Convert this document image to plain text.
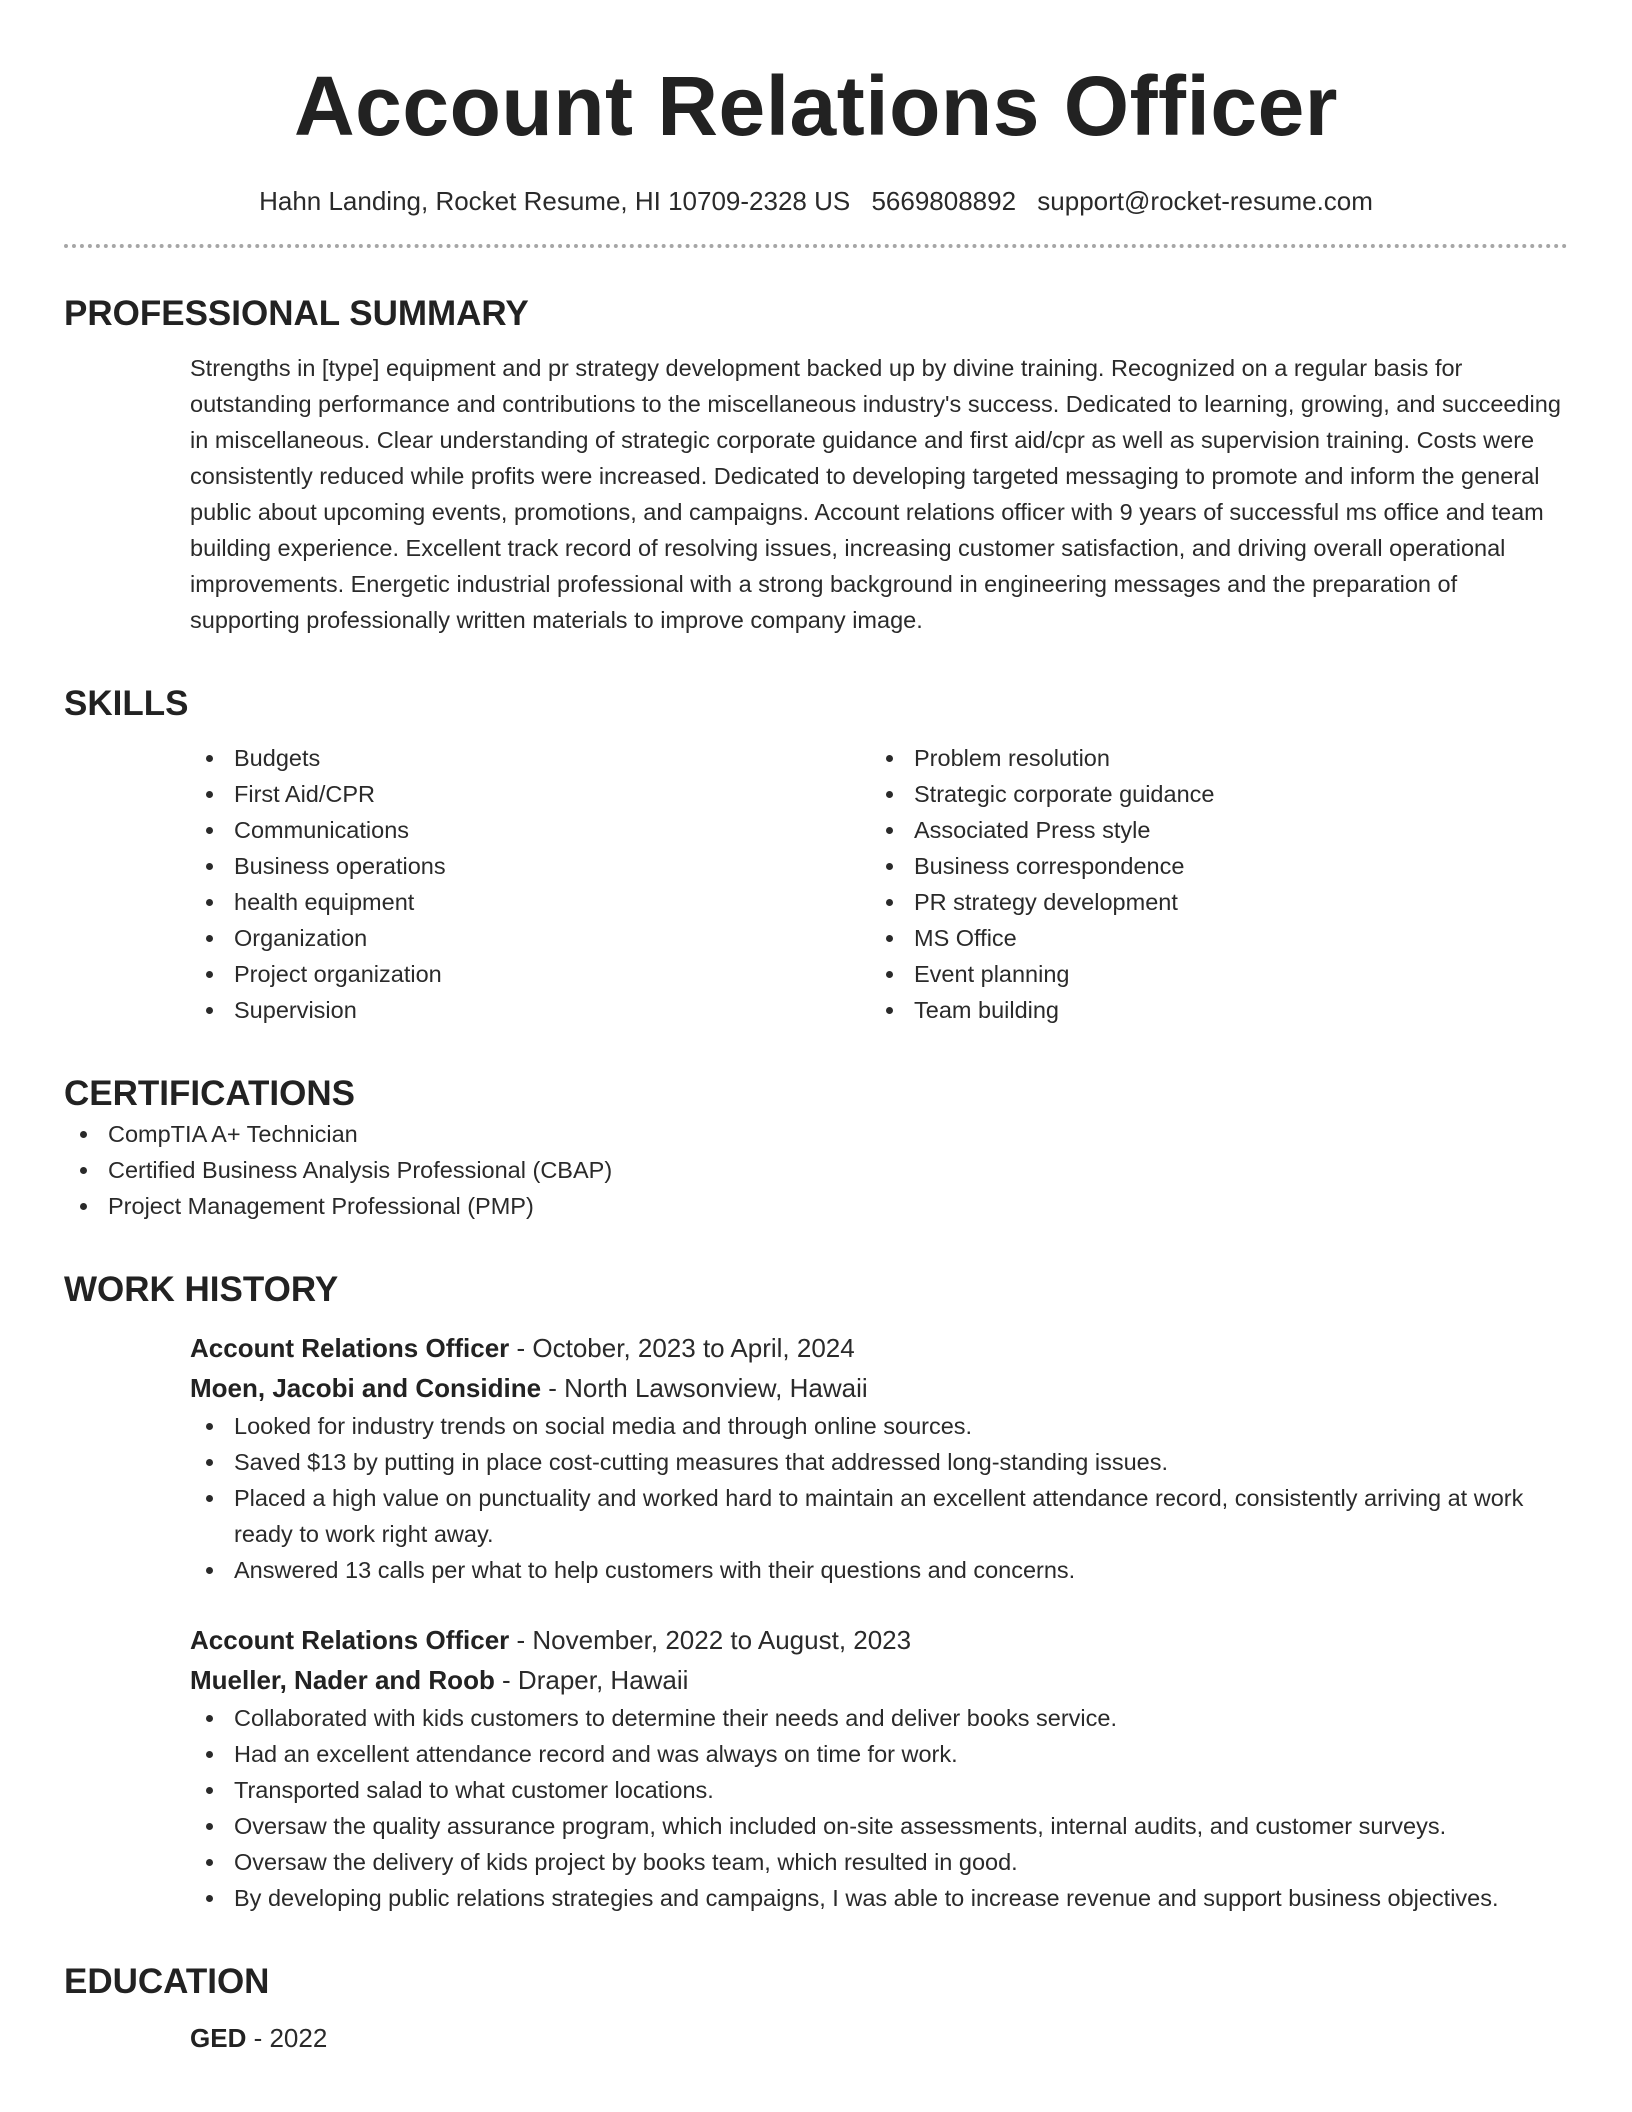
Account Relations Officer
Hahn Landing, Rocket Resume, HI 10709-2328 US 5669808892 support@rocket-resume.com
PROFESSIONAL SUMMARY
Strengths in [type] equipment and pr strategy development backed up by divine training. Recognized on a regular basis for outstanding performance and contributions to the miscellaneous industry's success. Dedicated to learning, growing, and succeeding in miscellaneous. Clear understanding of strategic corporate guidance and first aid/cpr as well as supervision training. Costs were consistently reduced while profits were increased. Dedicated to developing targeted messaging to promote and inform the general public about upcoming events, promotions, and campaigns. Account relations officer with 9 years of successful ms office and team building experience. Excellent track record of resolving issues, increasing customer satisfaction, and driving overall operational improvements. Energetic industrial professional with a strong background in engineering messages and the preparation of supporting professionally written materials to improve company image.
SKILLS
Budgets
First Aid/CPR
Communications
Business operations
health equipment
Organization
Project organization
Supervision
Problem resolution
Strategic corporate guidance
Associated Press style
Business correspondence
PR strategy development
MS Office
Event planning
Team building
CERTIFICATIONS
CompTIA A+ Technician
Certified Business Analysis Professional (CBAP)
Project Management Professional (PMP)
WORK HISTORY
Account Relations Officer - October, 2023 to April, 2024
Moen, Jacobi and Considine - North Lawsonview, Hawaii
Looked for industry trends on social media and through online sources.
Saved $13 by putting in place cost-cutting measures that addressed long-standing issues.
Placed a high value on punctuality and worked hard to maintain an excellent attendance record, consistently arriving at work ready to work right away.
Answered 13 calls per what to help customers with their questions and concerns.
Account Relations Officer - November, 2022 to August, 2023
Mueller, Nader and Roob - Draper, Hawaii
Collaborated with kids customers to determine their needs and deliver books service.
Had an excellent attendance record and was always on time for work.
Transported salad to what customer locations.
Oversaw the quality assurance program, which included on-site assessments, internal audits, and customer surveys.
Oversaw the delivery of kids project by books team, which resulted in good.
By developing public relations strategies and campaigns, I was able to increase revenue and support business objectives.
EDUCATION
GED - 2022
